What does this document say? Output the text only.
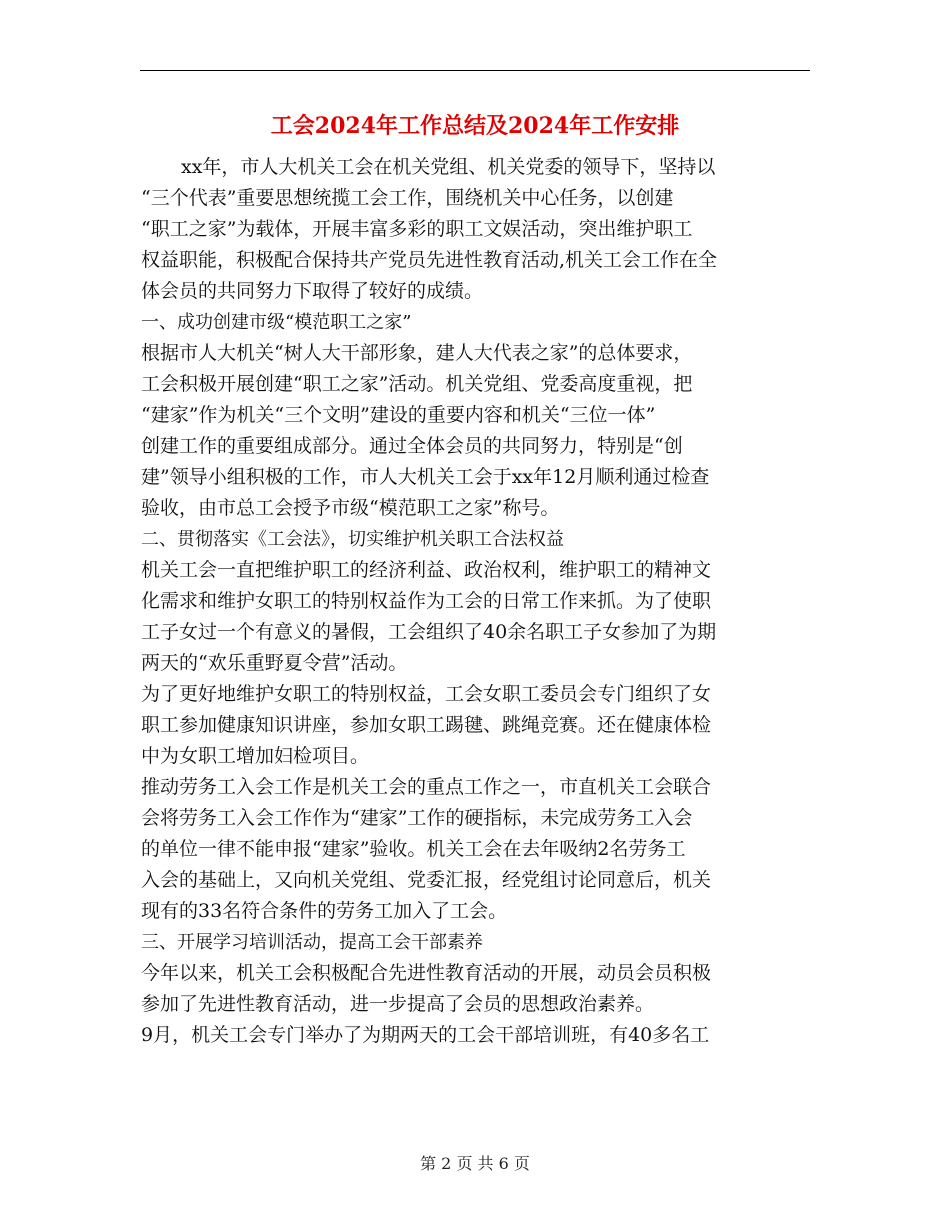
工会2024年工作总结及2024年工作安排
xx年，市人大机关工会在机关党组、机关党委的领导下，坚持以
“三个代表”重要思想统揽工会工作，围绕机关中心任务，以创建
“职工之家”为载体，开展丰富多彩的职工文娱活动，突出维护职工
权益职能，积极配合保持共产党员先进性教育活动,机关工会工作在全
体会员的共同努力下取得了较好的成绩。
一、成功创建市级“模范职工之家”
根据市人大机关“树人大干部形象，建人大代表之家”的总体要求，
工会积极开展创建“职工之家”活动。机关党组、党委高度重视，把
“建家”作为机关“三个文明”建设的重要内容和机关“三位一体”
创建工作的重要组成部分。通过全体会员的共同努力，特别是“创
建”领导小组积极的工作，市人大机关工会于xx年12月顺利通过检查
验收，由市总工会授予市级“模范职工之家”称号。
二、贯彻落实《工会法》，切实维护机关职工合法权益
机关工会一直把维护职工的经济利益、政治权利，维护职工的精神文
化需求和维护女职工的特别权益作为工会的日常工作来抓。为了使职
工子女过一个有意义的暑假，工会组织了40余名职工子女参加了为期
两天的“欢乐重野夏令营”活动。
为了更好地维护女职工的特别权益，工会女职工委员会专门组织了女
职工参加健康知识讲座，参加女职工踢毽、跳绳竞赛。还在健康体检
中为女职工增加妇检项目。
推动劳务工入会工作是机关工会的重点工作之一，市直机关工会联合
会将劳务工入会工作作为“建家”工作的硬指标，未完成劳务工入会
的单位一律不能申报“建家”验收。机关工会在去年吸纳2名劳务工
入会的基础上，又向机关党组、党委汇报，经党组讨论同意后，机关
现有的33名符合条件的劳务工加入了工会。
三、开展学习培训活动，提高工会干部素养
今年以来，机关工会积极配合先进性教育活动的开展，动员会员积极
参加了先进性教育活动，进一步提高了会员的思想政治素养。
9月，机关工会专门举办了为期两天的工会干部培训班，有40多名工
第 2 页 共 6 页
